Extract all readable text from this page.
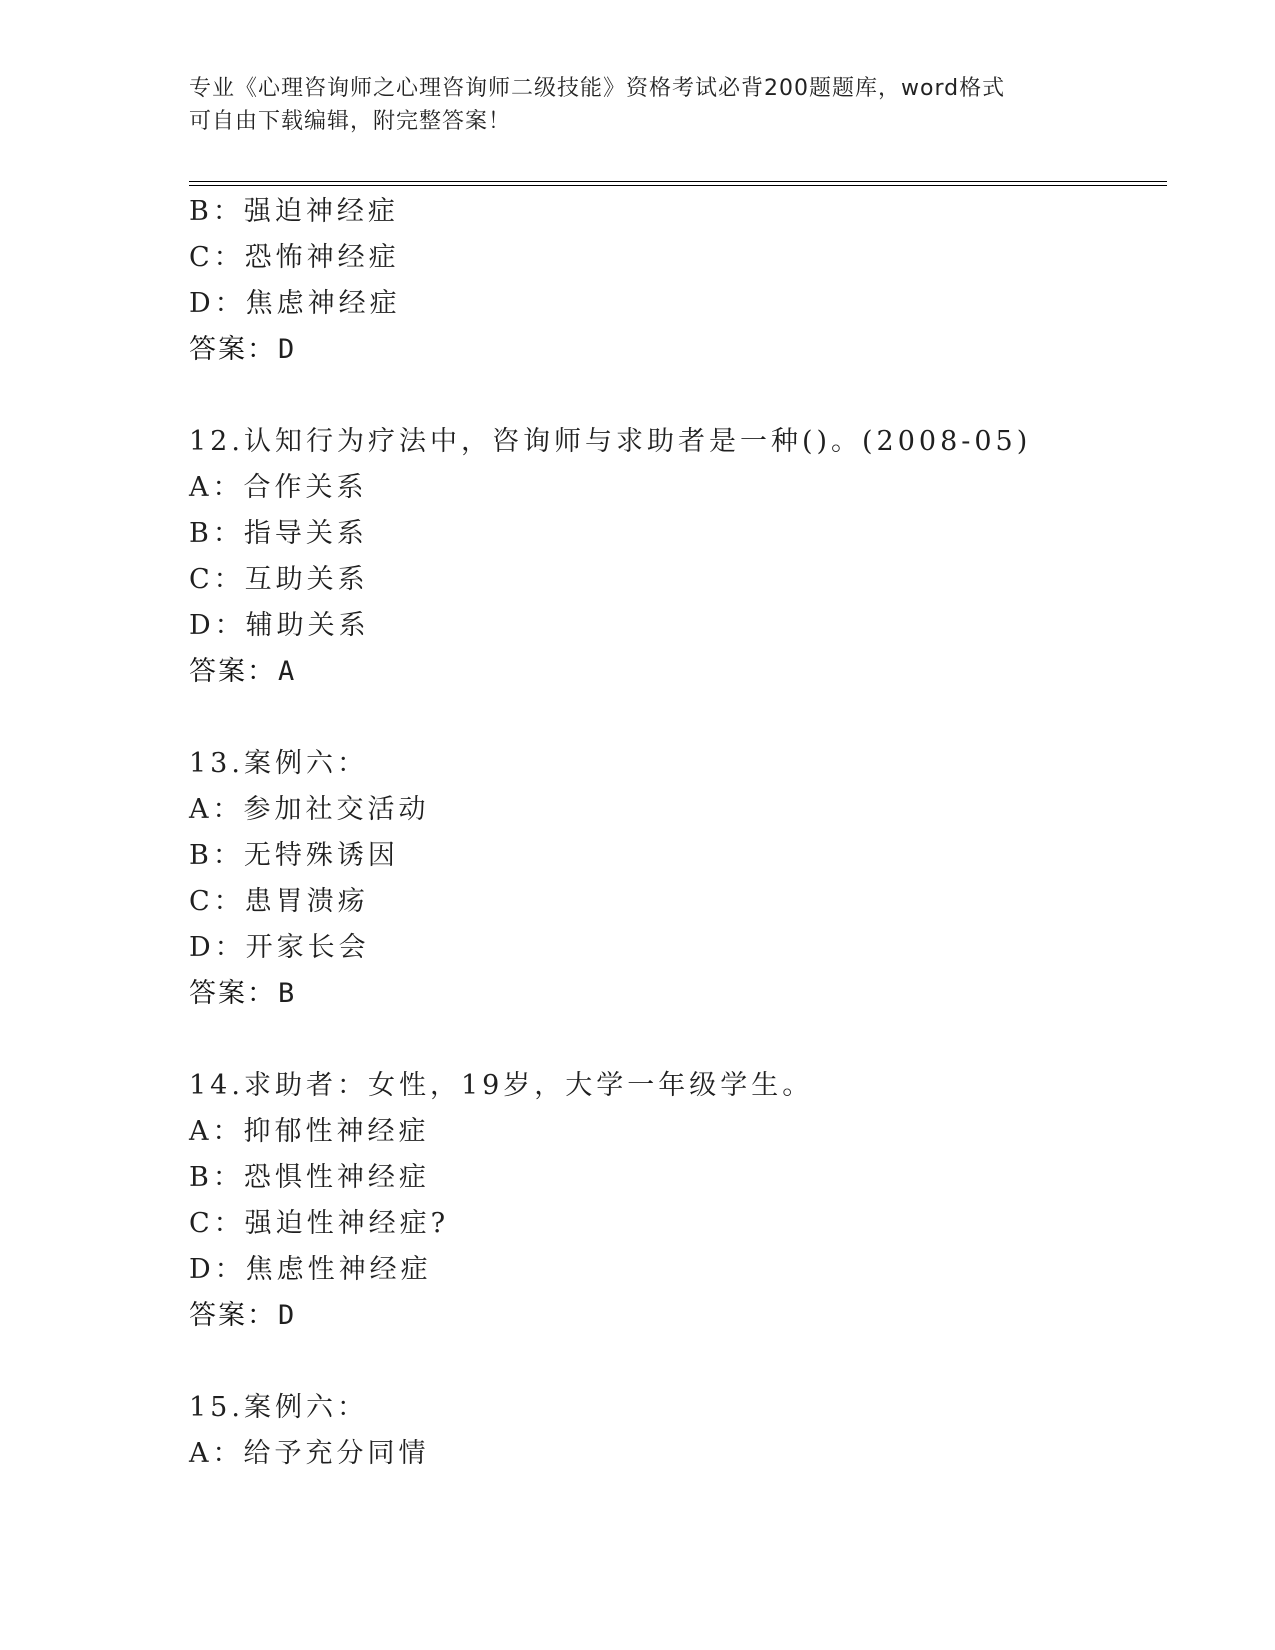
专业《心理咨询师之心理咨询师二级技能》资格考试必背200题题库，word格式
可自由下载编辑，附完整答案！
B：强迫神经症
C：恐怖神经症
D：焦虑神经症
答案：D
12.认知行为疗法中，咨询师与求助者是一种()。(2008-05)
A：合作关系
B：指导关系
C：互助关系
D：辅助关系
答案：A
13.案例六：
A：参加社交活动
B：无特殊诱因
C：患胃溃疡
D：开家长会
答案：B
14.求助者：女性，19岁，大学一年级学生。
A：抑郁性神经症
B：恐惧性神经症
C：强迫性神经症?
D：焦虑性神经症
答案：D
15.案例六：
A：给予充分同情
